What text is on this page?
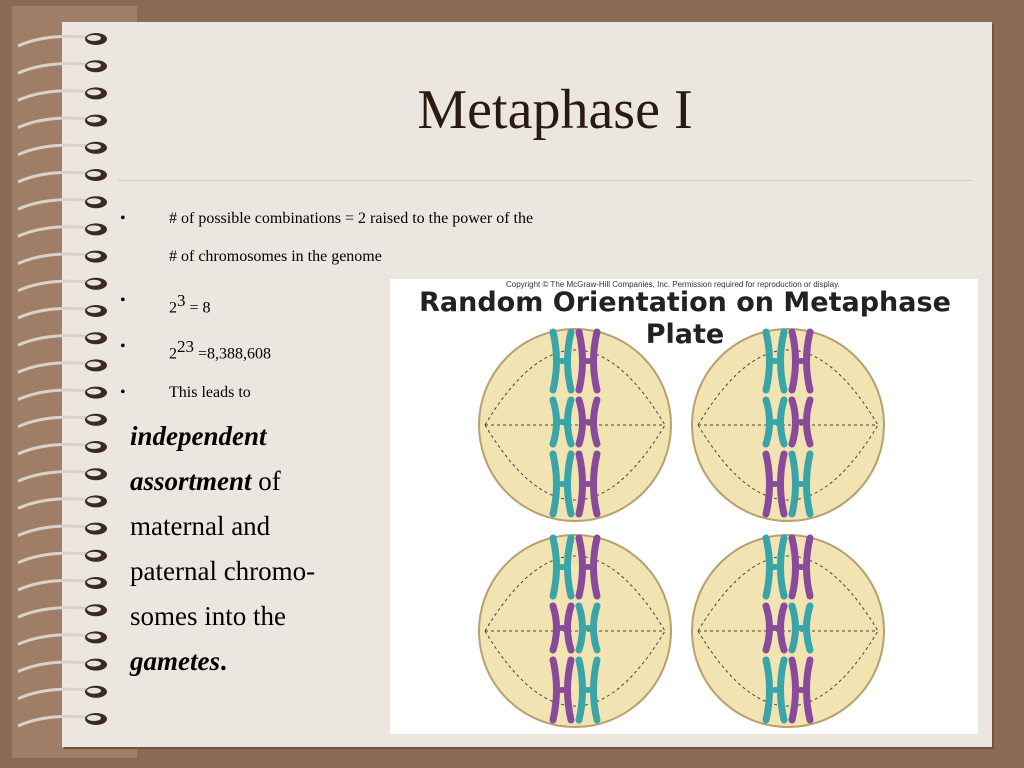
Metaphase I
•	# of possible combinations = 2 raised to the power of the
# of chromosomes in the genome
•	$2^3 = 8$
•	$2^{23} =8,388,608$
•	This leads to
independent
assortment of
maternal and
paternal chromo-
somes into the
gametes.
Copyright © The McGraw-Hill Companies, Inc. Permission required for reproduction or display.
Random Orientation on Metaphase Plate
